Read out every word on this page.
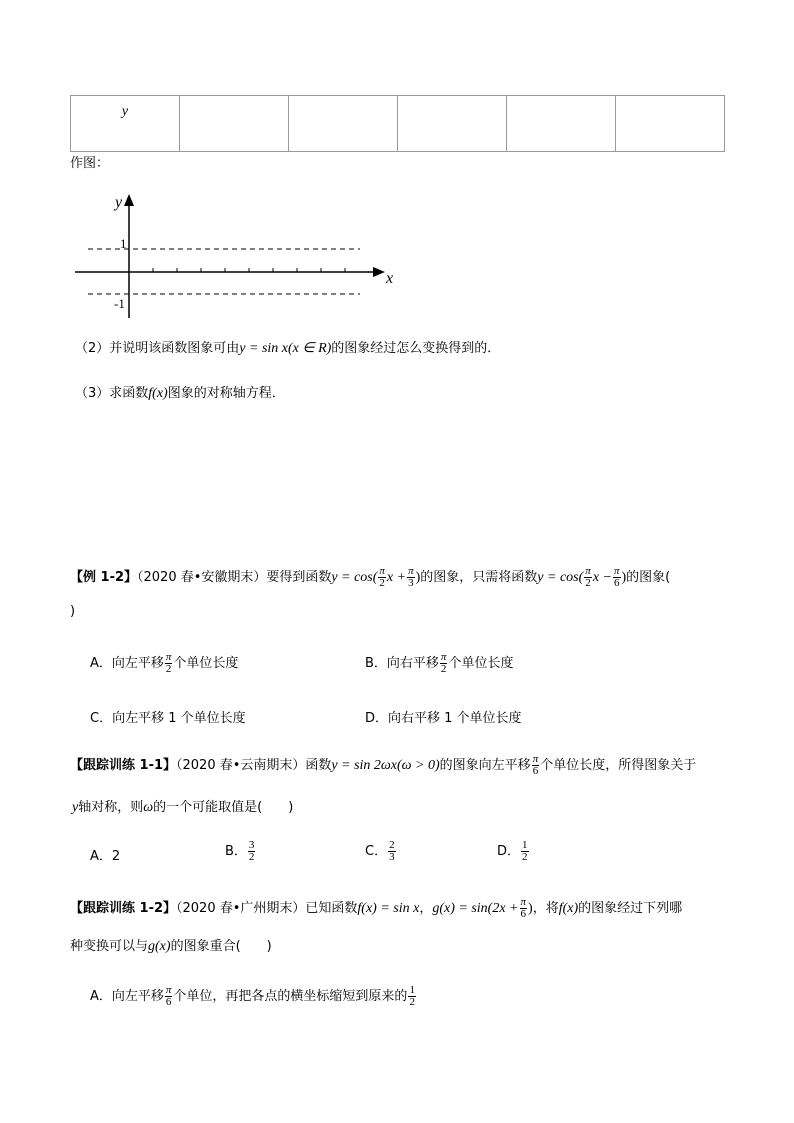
y					
作图：
y
x
1
-1
（2）并说明该函数图象可由y = sin x(x ∈ R)的图象经过怎么变换得到的．
（3）求函数f(x)图象的对称轴方程．
【例 1-2】（2020 春•安徽期末）要得到函数$y = \cos( \frac{\pi}{2}$ $x + \frac{\pi}{3}$ )的图象，只需将函数$y = \cos( \frac{\pi}{2}$ $x - \frac{\pi}{6}$ )的图象(
)
A．向左平移 $\frac{\pi}{2}$ 个单位长度	B．向右平移 $\frac{\pi}{2}$ 个单位长度
C．向左平移 1 个单位长度	D．向右平移 1 个单位长度
【跟踪训练 1-1】（2020 春•云南期末）函数y = sin 2ωx(ω > 0)的图象向左平移 $\frac{\pi}{6}$ 个单位长度，所得图象关于
y轴对称，则ω的一个可能取值是(　　)
A．2	B． $\frac{3}{2}$	C． $\frac{2}{3}$	D． $\frac{1}{2}$
【跟踪训练 1-2】（2020 春•广州期末）已知函数f(x) = sin x，$g(x) = \sin(2x + \frac{\pi}{6}$ )，将f(x)的图象经过下列哪
种变换可以与g(x)的图象重合(　　)
A．向左平移 $\frac{\pi}{6}$ 个单位，再把各点的横坐标缩短到原来的 $\frac{1}{2}$
